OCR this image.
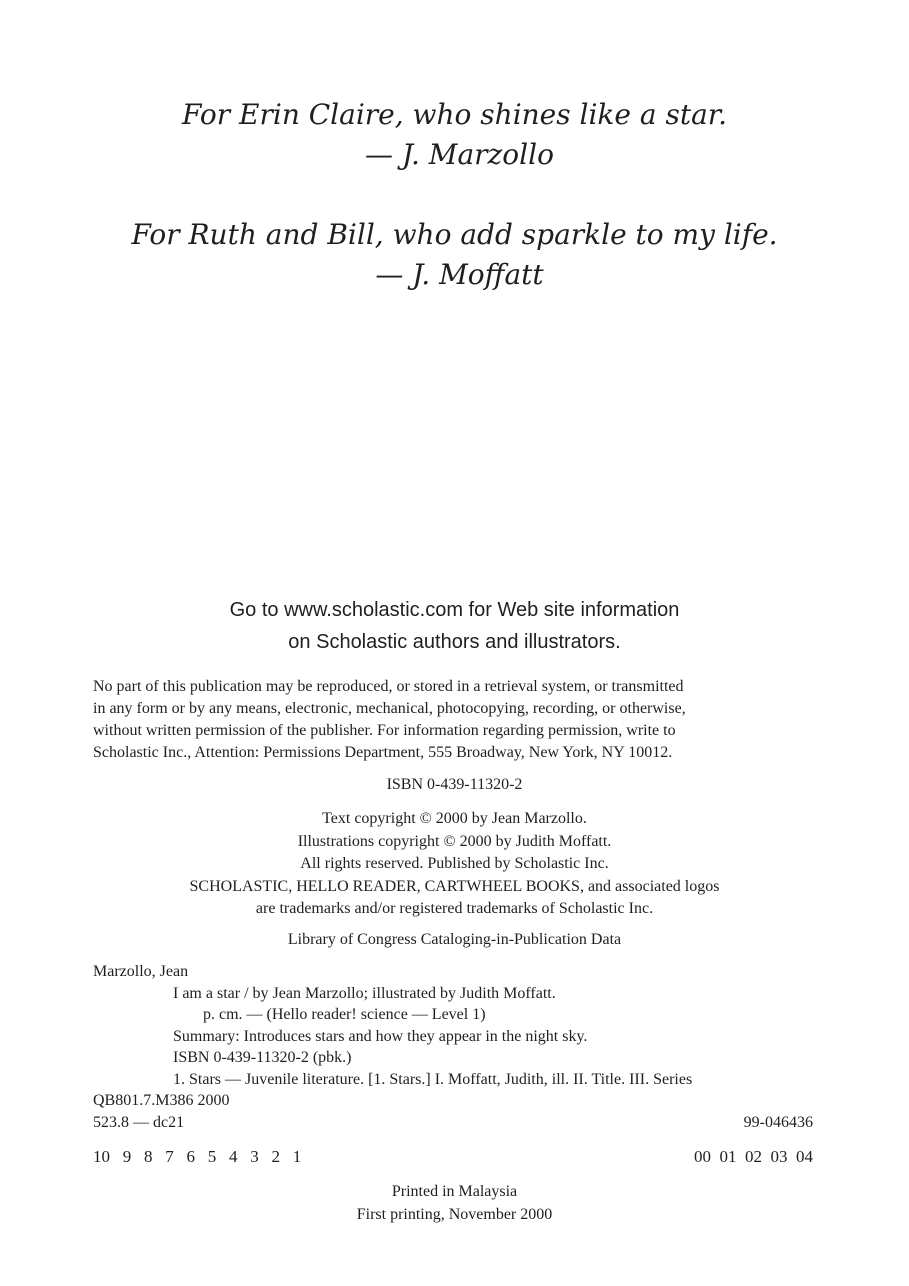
For Erin Claire, who shines like a star.
— J. Marzollo
For Ruth and Bill, who add sparkle to my life.
— J. Moffatt
Go to www.scholastic.com for Web site information
on Scholastic authors and illustrators.
No part of this publication may be reproduced, or stored in a retrieval system, or transmitted
in any form or by any means, electronic, mechanical, photocopying, recording, or otherwise,
without written permission of the publisher. For information regarding permission, write to
Scholastic Inc., Attention: Permissions Department, 555 Broadway, New York, NY 10012.
ISBN 0-439-11320-2
Text copyright © 2000 by Jean Marzollo.
Illustrations copyright © 2000 by Judith Moffatt.
All rights reserved. Published by Scholastic Inc.
SCHOLASTIC, HELLO READER, CARTWHEEL BOOKS, and associated logos
are trademarks and/or registered trademarks of Scholastic Inc.
Library of Congress Cataloging-in-Publication Data
Marzollo, Jean
I am a star / by Jean Marzollo; illustrated by Judith Moffatt.
p. cm. — (Hello reader! science — Level 1)
Summary: Introduces stars and how they appear in the night sky.
ISBN 0-439-11320-2 (pbk.)
1. Stars — Juvenile literature. [1. Stars.] I. Moffatt, Judith, ill. II. Title. III. Series
QB801.7.M386 2000
523.8 — dc21	99-046436
10   9   8   7   6   5   4   3   2   1	00  01  02  03  04
Printed in Malaysia
First printing, November 2000
